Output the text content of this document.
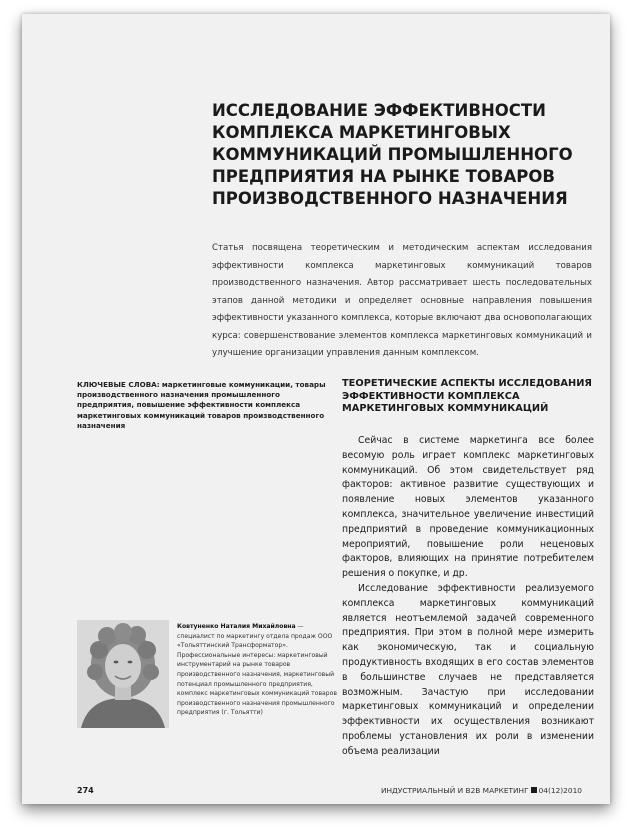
ИССЛЕДОВАНИЕ ЭФФЕКТИВНОСТИ КОМПЛЕКСА МАРКЕТИНГОВЫХ КОММУНИКАЦИЙ ПРОМЫШЛЕННОГО ПРЕДПРИЯТИЯ НА РЫНКЕ ТОВАРОВ ПРОИЗВОДСТВЕННОГО НАЗНАЧЕНИЯ

Статья посвящена теоретическим и методическим аспектам исследования эффективности комплекса маркетинговых коммуникаций товаров производственного назначения. Автор рассматривает шесть последовательных этапов данной методики и определяет основные направления повышения эффективности указанного комплекса, которые включают два основополагающих курса: совершенствование элементов комплекса маркетинговых коммуникаций и улучшение организации управления данным комплексом.

КЛЮЧЕВЫЕ СЛОВА: маркетинговые коммуникации, товары производственного назначения промышленного предприятия, повышение эффективности комплекса маркетинговых коммуникаций товаров производственного назначения

ТЕОРЕТИЧЕСКИЕ АСПЕКТЫ ИССЛЕДОВАНИЯ ЭФФЕКТИВНОСТИ КОМПЛЕКСА МАРКЕТИНГОВЫХ КОММУНИКАЦИЙ

Сейчас в системе маркетинга все более весомую роль играет комплекс маркетинговых коммуникаций. Об этом свидетельствует ряд факторов: активное развитие существующих и появление новых элементов указанного комплекса, значительное увеличение инвестиций предприятий в проведение коммуникационных мероприятий, повышение роли неценовых факторов, влияющих на принятие потребителем решения о покупке, и др.

Исследование эффективности реализуемого комплекса маркетинговых коммуникаций является неотъемлемой задачей современного предприятия. При этом в полной мере измерить как экономическую, так и социальную продуктивность входящих в его состав элементов в большинстве случаев не представляется возможным. Зачастую при исследовании маркетинговых коммуникаций и определении эффективности их осуществления возникают проблемы установления их роли в изменении объема реализации

Ковтуненко Наталия Михайловна — специалист по маркетингу отдела продаж ООО «Тольяттинский Трансформатор». Профессиональные интересы: маркетинговый инструментарий на рынке товаров производственного назначения, маркетинговый потенциал промышленного предприятия, комплекс маркетинговых коммуникаций товаров производственного назначения промышленного предприятия (г. Тольятти)

274	ИНДУСТРИАЛЬНЫЙ И B2B МАРКЕТИНГ 04(12)2010
